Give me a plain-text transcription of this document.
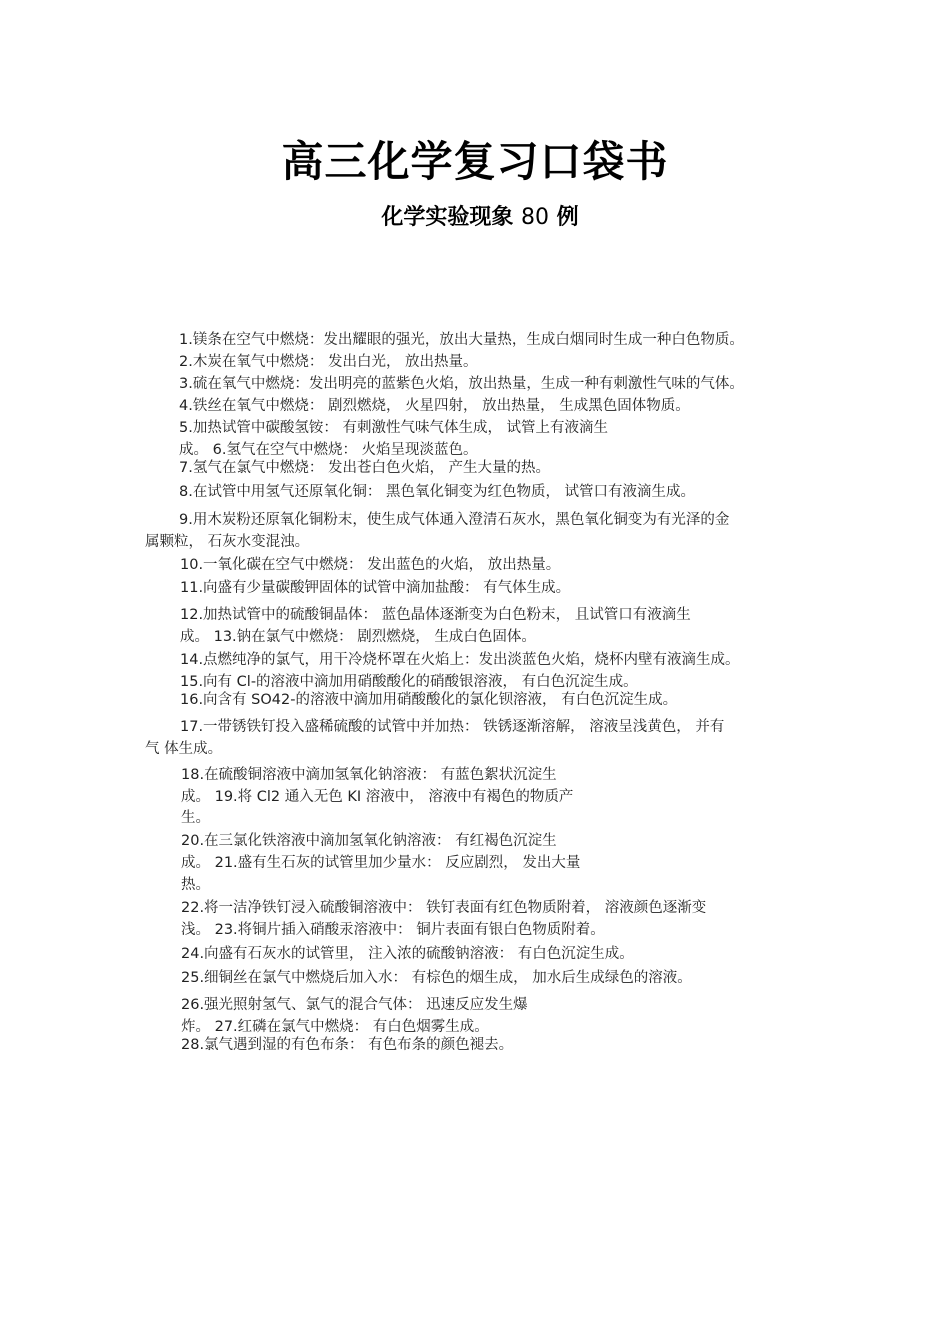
高三化学复习口袋书
化学实验现象 80 例
1.镁条在空气中燃烧：发出耀眼的强光，放出大量热，生成白烟同时生成一种白色物质。
2.木炭在氧气中燃烧： 发出白光， 放出热量。
3.硫在氧气中燃烧：发出明亮的蓝紫色火焰，放出热量，生成一种有刺激性气味的气体。
4.铁丝在氧气中燃烧： 剧烈燃烧， 火星四射， 放出热量， 生成黑色固体物质。
5.加热试管中碳酸氢铵： 有刺激性气味气体生成， 试管上有液滴生
成。 6.氢气在空气中燃烧： 火焰呈现淡蓝色。
7.氢气在氯气中燃烧： 发出苍白色火焰， 产生大量的热。
8.在试管中用氢气还原氧化铜： 黑色氧化铜变为红色物质， 试管口有液滴生成。
9.用木炭粉还原氧化铜粉末，使生成气体通入澄清石灰水，黑色氧化铜变为有光泽的金
属颗粒， 石灰水变混浊。
10.一氧化碳在空气中燃烧： 发出蓝色的火焰， 放出热量。
11.向盛有少量碳酸钾固体的试管中滴加盐酸： 有气体生成。
12.加热试管中的硫酸铜晶体： 蓝色晶体逐渐变为白色粉末， 且试管口有液滴生
成。 13.钠在氯气中燃烧： 剧烈燃烧， 生成白色固体。
14.点燃纯净的氯气，用干冷烧杯罩在火焰上：发出淡蓝色火焰，烧杯内壁有液滴生成。
15.向有 Cl-的溶液中滴加用硝酸酸化的硝酸银溶液， 有白色沉淀生成。
16.向含有 SO42-的溶液中滴加用硝酸酸化的氯化钡溶液， 有白色沉淀生成。
17.一带锈铁钉投入盛稀硫酸的试管中并加热： 铁锈逐渐溶解， 溶液呈浅黄色， 并有
气 体生成。
18.在硫酸铜溶液中滴加氢氧化钠溶液： 有蓝色絮状沉淀生
成。 19.将 Cl2 通入无色 KI 溶液中， 溶液中有褐色的物质产
生。
20.在三氯化铁溶液中滴加氢氧化钠溶液： 有红褐色沉淀生
成。 21.盛有生石灰的试管里加少量水： 反应剧烈， 发出大量
热。
22.将一洁净铁钉浸入硫酸铜溶液中： 铁钉表面有红色物质附着， 溶液颜色逐渐变
浅。 23.将铜片插入硝酸汞溶液中： 铜片表面有银白色物质附着。
24.向盛有石灰水的试管里， 注入浓的硫酸钠溶液： 有白色沉淀生成。
25.细铜丝在氯气中燃烧后加入水： 有棕色的烟生成， 加水后生成绿色的溶液。
26.强光照射氢气、氯气的混合气体： 迅速反应发生爆
炸。 27.红磷在氯气中燃烧： 有白色烟雾生成。
28.氯气遇到湿的有色布条： 有色布条的颜色褪去。
